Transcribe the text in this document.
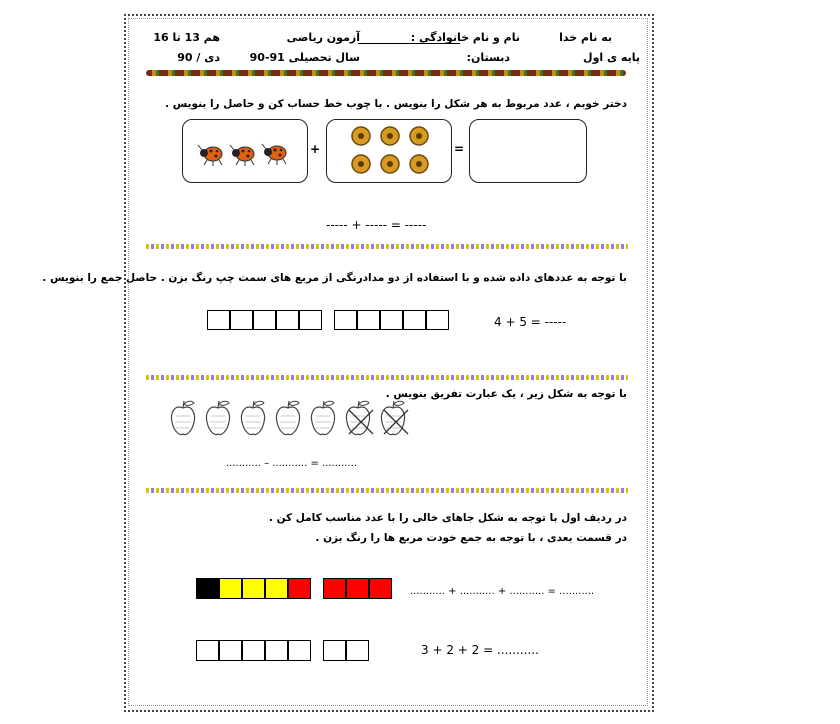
به نام خدا
نام و نام خانوادگی :
آزمون ریاضی
هم 13 تا 16
پایه ی اول
دبستان:
سال تحصیلی 91-90
دی / 90
دختر خوبم ، عدد مربوط به هر شکل را بنویس . با چوب خط حساب کن و حاصل را بنویس .
+	=
----- + ----- = -----
با توجه به عددهای داده شده و با استفاده از دو مدادرنگی از مربع های سمت چپ رنگ بزن . حاصل جمع را بنویس .
4 + 5 = -----
با توجه به شکل زیر ، یک عبارت تفریق بنویس .
........... – ........... = ...........
در ردیف اول با توجه به شکل جاهای خالی را با عدد مناسب کامل کن .
در قسمت بعدی ، با توجه به جمع خودت مربع ها را رنگ بزن .
........... + ........... + ........... = ...........
3 + 2 + 2 = ...........
